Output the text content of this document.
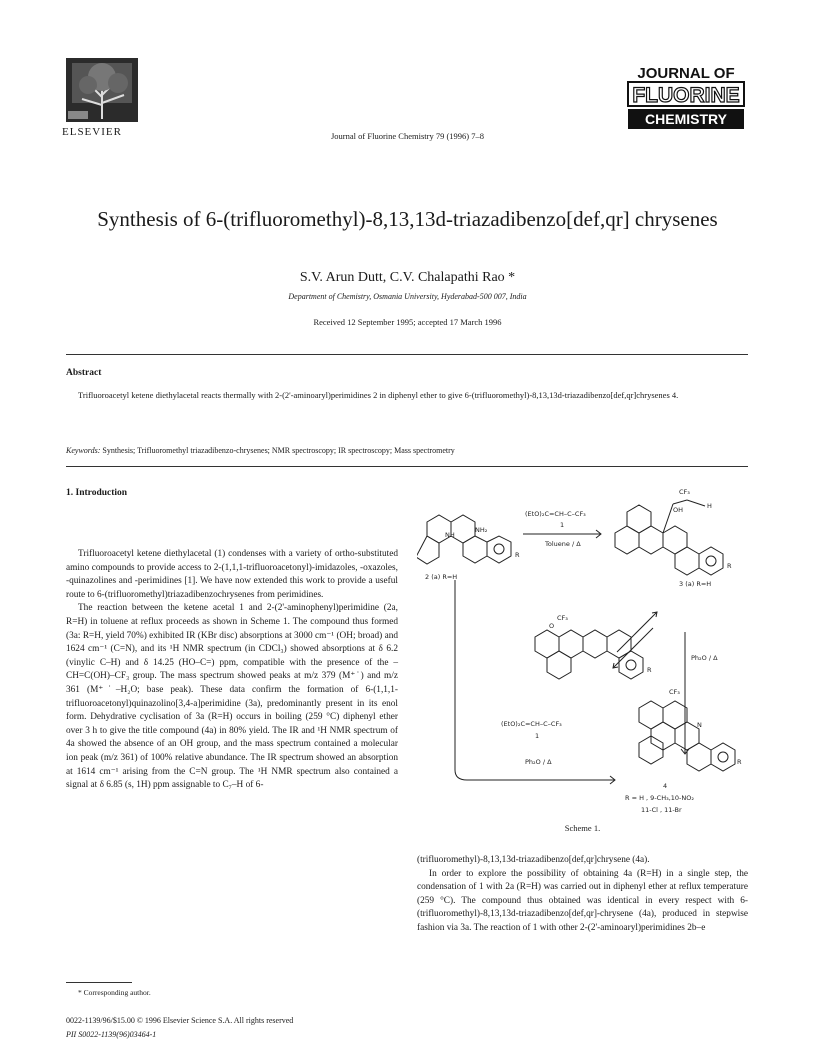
ELSEVIER	Journal of Fluorine Chemistry 79 (1996) 7–8
JOURNAL OF
FLUORINE
CHEMISTRY
Synthesis of 6-(trifluoromethyl)-8,13,13d-triazadibenzo[def,qr] chrysenes
S.V. Arun Dutt, C.V. Chalapathi Rao *
Department of Chemistry, Osmania University, Hyderabad-500 007, India
Received 12 September 1995; accepted 17 March 1996
Abstract
Trifluoroacetyl ketene diethylacetal reacts thermally with 2-(2'-aminoaryl)perimidines 2 in diphenyl ether to give 6-(trifluoromethyl)-8,13,13d-triazadibenzo[def,qr]chrysenes 4.
Keywords: Synthesis; Trifluoromethyl triazadibenzo-chrysenes; NMR spectroscopy; IR spectroscopy; Mass spectrometry
1. Introduction

Trifluoroacetyl ketene diethylacetal (1) condenses with a variety of ortho-substituted amino compounds to provide access to 2-(1,1,1-trifluoroacetonyl)-imidazoles, -oxazoles, -quinazolines and -perimidines [1]. We have now extended this work to provide a useful route to 6-(trifluoromethyl)triazadibenzochrysenes from perimidines.

The reaction between the ketene acetal 1 and 2-(2'-aminophenyl)perimidine (2a, R=H) in toluene at reflux proceeds as shown in Scheme 1. The compound thus formed (3a: R=H, yield 70%) exhibited IR (KBr disc) absorptions at 3000 cm⁻¹ (OH; broad) and 1624 cm⁻¹ (C=N), and its ¹H NMR spectrum (in CDCl₃) showed absorptions at δ 6.2 (vinylic C–H) and δ 14.25 (HO–C=) ppm, compatible with the presence of the –CH=C(OH)–CF₃ group. The mass spectrum showed peaks at m/z 379 (M⁺˙) and m/z 361 (M⁺˙–H₂O; base peak). These data confirm the formation of 6-(1,1,1-trifluoroacetonyl)quinazolino[3,4-a]perimidine (3a), predominantly present in its enol form. Dehydrative cyclisation of 3a (R=H) occurs in boiling (259 °C) diphenyl ether over 3 h to give the title compound (4a) in 80% yield. The IR and ¹H NMR spectrum of 4a showed the absence of an OH group, and the mass spectrum contained a molecular ion peak (m/z 361) of 100% relative abundance. The IR spectrum showed an absorption at 1614 cm⁻¹ arising from the C=N group. The ¹H NMR spectrum also contained a signal at δ 6.85 (s, 1H) ppm assignable to C₇–H of 6-

NH
NH₂
R
2 (a) R=H
(EtO)₂C=CH–C–CF₃
1
Toluene / Δ
CF₃
OH	H
R
3 (a) R=H
CF₃
O
R
Ph₂O / Δ
(EtO)₂C=CH–C–CF₃
1
Ph₂O / Δ
CF₃
N
R
4
R = H , 9-CH₃,10-NO₂
11-Cl , 11-Br
Scheme 1.

(trifluoromethyl)-8,13,13d-triazadibenzo[def,qr]chrysene (4a).

In order to explore the possibility of obtaining 4a (R=H) in a single step, the condensation of 1 with 2a (R=H) was carried out in diphenyl ether at reflux temperature (259 °C). The compound thus obtained was identical in every respect with 6-(trifluoromethyl)-8,13,13d-triazadibenzo[def,qr]-chrysene (4a), produced in stepwise fashion via 3a. The reaction of 1 with other 2-(2'-aminoaryl)perimidines 2b–e

* Corresponding author.
0022-1139/96/$15.00 © 1996 Elsevier Science S.A. All rights reserved
PII S0022-1139(96)03464-1
